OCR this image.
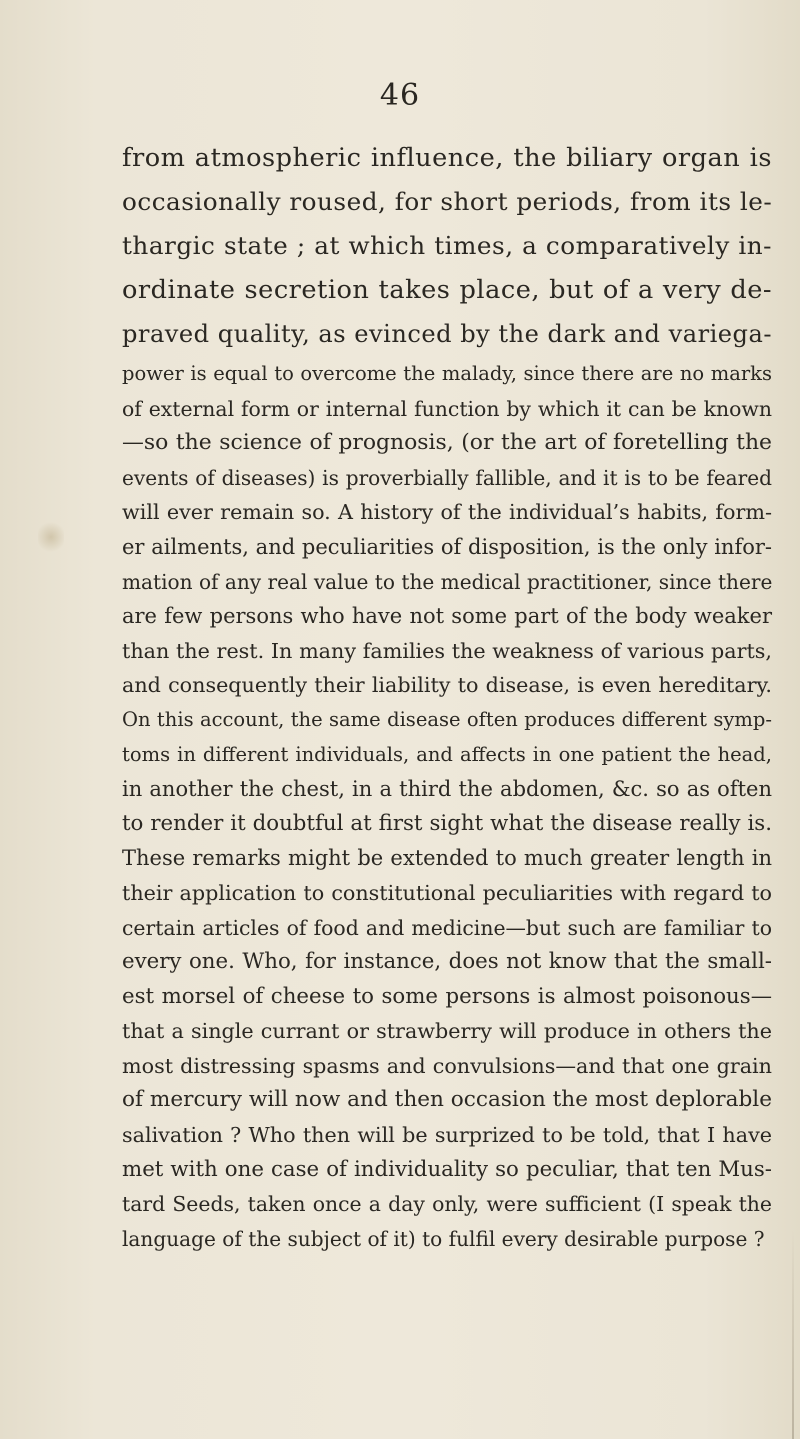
46
from atmospheric influence, the biliary organ is
occasionally roused, for short periods, from its le-
thargic state ; at which times, a comparatively in-
ordinate secretion takes place, but of a very de-
praved quality, as evinced by the dark and variega-
power is equal to overcome the malady, since there are no marks
of external form or internal function by which it can be known
—so the science of prognosis, (or the art of foretelling the
events of diseases) is proverbially fallible, and it is to be feared
will ever remain so. A history of the individual’s habits, form-
er ailments, and peculiarities of disposition, is the only infor-
mation of any real value to the medical practitioner, since there
are few persons who have not some part of the body weaker
than the rest. In many families the weakness of various parts,
and consequently their liability to disease, is even hereditary.
On this account, the same disease often produces different symp-
toms in different individuals, and affects in one patient the head,
in another the chest, in a third the abdomen, &c. so as often
to render it doubtful at first sight what the disease really is.
These remarks might be extended to much greater length in
their application to constitutional peculiarities with regard to
certain articles of food and medicine—but such are familiar to
every one. Who, for instance, does not know that the small-
est morsel of cheese to some persons is almost poisonous—
that a single currant or strawberry will produce in others the
most distressing spasms and convulsions—and that one grain
of mercury will now and then occasion the most deplorable
salivation ? Who then will be surprized to be told, that I have
met with one case of individuality so peculiar, that ten Mus-
tard Seeds, taken once a day only, were sufficient (I speak the
language of the subject of it) to fulfil every desirable purpose ?
